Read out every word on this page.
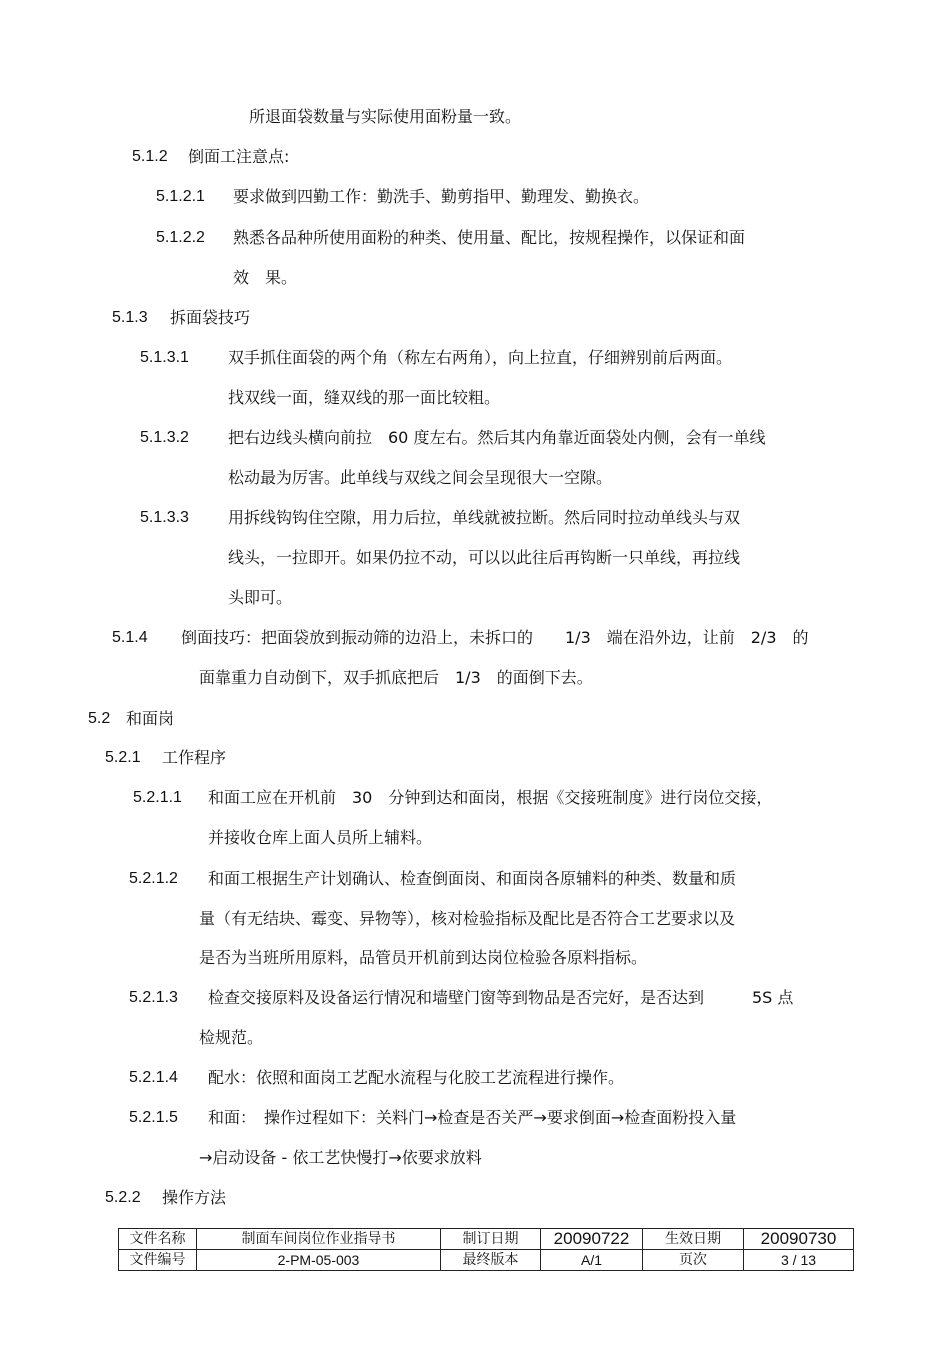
所退面袋数量与实际使用面粉量一致。
5.1.2 倒面工注意点:
5.1.2.1 要求做到四勤工作：勤洗手、勤剪指甲、勤理发、勤换衣。
5.1.2.2 熟悉各品种所使用面粉的种类、使用量、配比，按规程操作，以保证和面
效　果。
5.1.3 拆面袋技巧
5.1.3.1 双手抓住面袋的两个角（称左右两角），向上拉直，仔细辨别前后两面。
找双线一面，缝双线的那一面比较粗。
5.1.3.2 把右边线头横向前拉　60 度左右。然后其内角靠近面袋处内侧，会有一单线
松动最为厉害。此单线与双线之间会呈现很大一空隙。
5.1.3.3 用拆线钩钩住空隙，用力后拉，单线就被拉断。然后同时拉动单线头与双
线头，一拉即开。如果仍拉不动，可以以此往后再钩断一只单线，再拉线
头即可。
5.1.4 倒面技巧：把面袋放到振动筛的边沿上，未拆口的　　1/3　端在沿外边，让前　2/3　的
面靠重力自动倒下，双手抓底把后　1/3　的面倒下去。
5.2 和面岗
5.2.1 工作程序
5.2.1.1 和面工应在开机前　30　分钟到达和面岗，根据《交接班制度》进行岗位交接，
并接收仓库上面人员所上辅料。
5.2.1.2 和面工根据生产计划确认、检查倒面岗、和面岗各原辅料的种类、数量和质
量（有无结块、霉变、异物等），核对检验指标及配比是否符合工艺要求以及
是否为当班所用原料，品管员开机前到达岗位检验各原料指标。
5.2.1.3 检查交接原料及设备运行情况和墙壁门窗等到物品是否完好，是否达到　　　5S 点
检规范。
5.2.1.4 配水：依照和面岗工艺配水流程与化胶工艺流程进行操作。
5.2.1.5 和面：　操作过程如下：关料门→检查是否关严→要求倒面→检查面粉投入量
→启动设备 - 依工艺快慢打→依要求放料
5.2.2 操作方法
文件名称	制面车间岗位作业指导书	制订日期	20090722	生效日期	20090730
文件编号	2-PM-05-003	最终版本	A/1	页次	3 / 13
